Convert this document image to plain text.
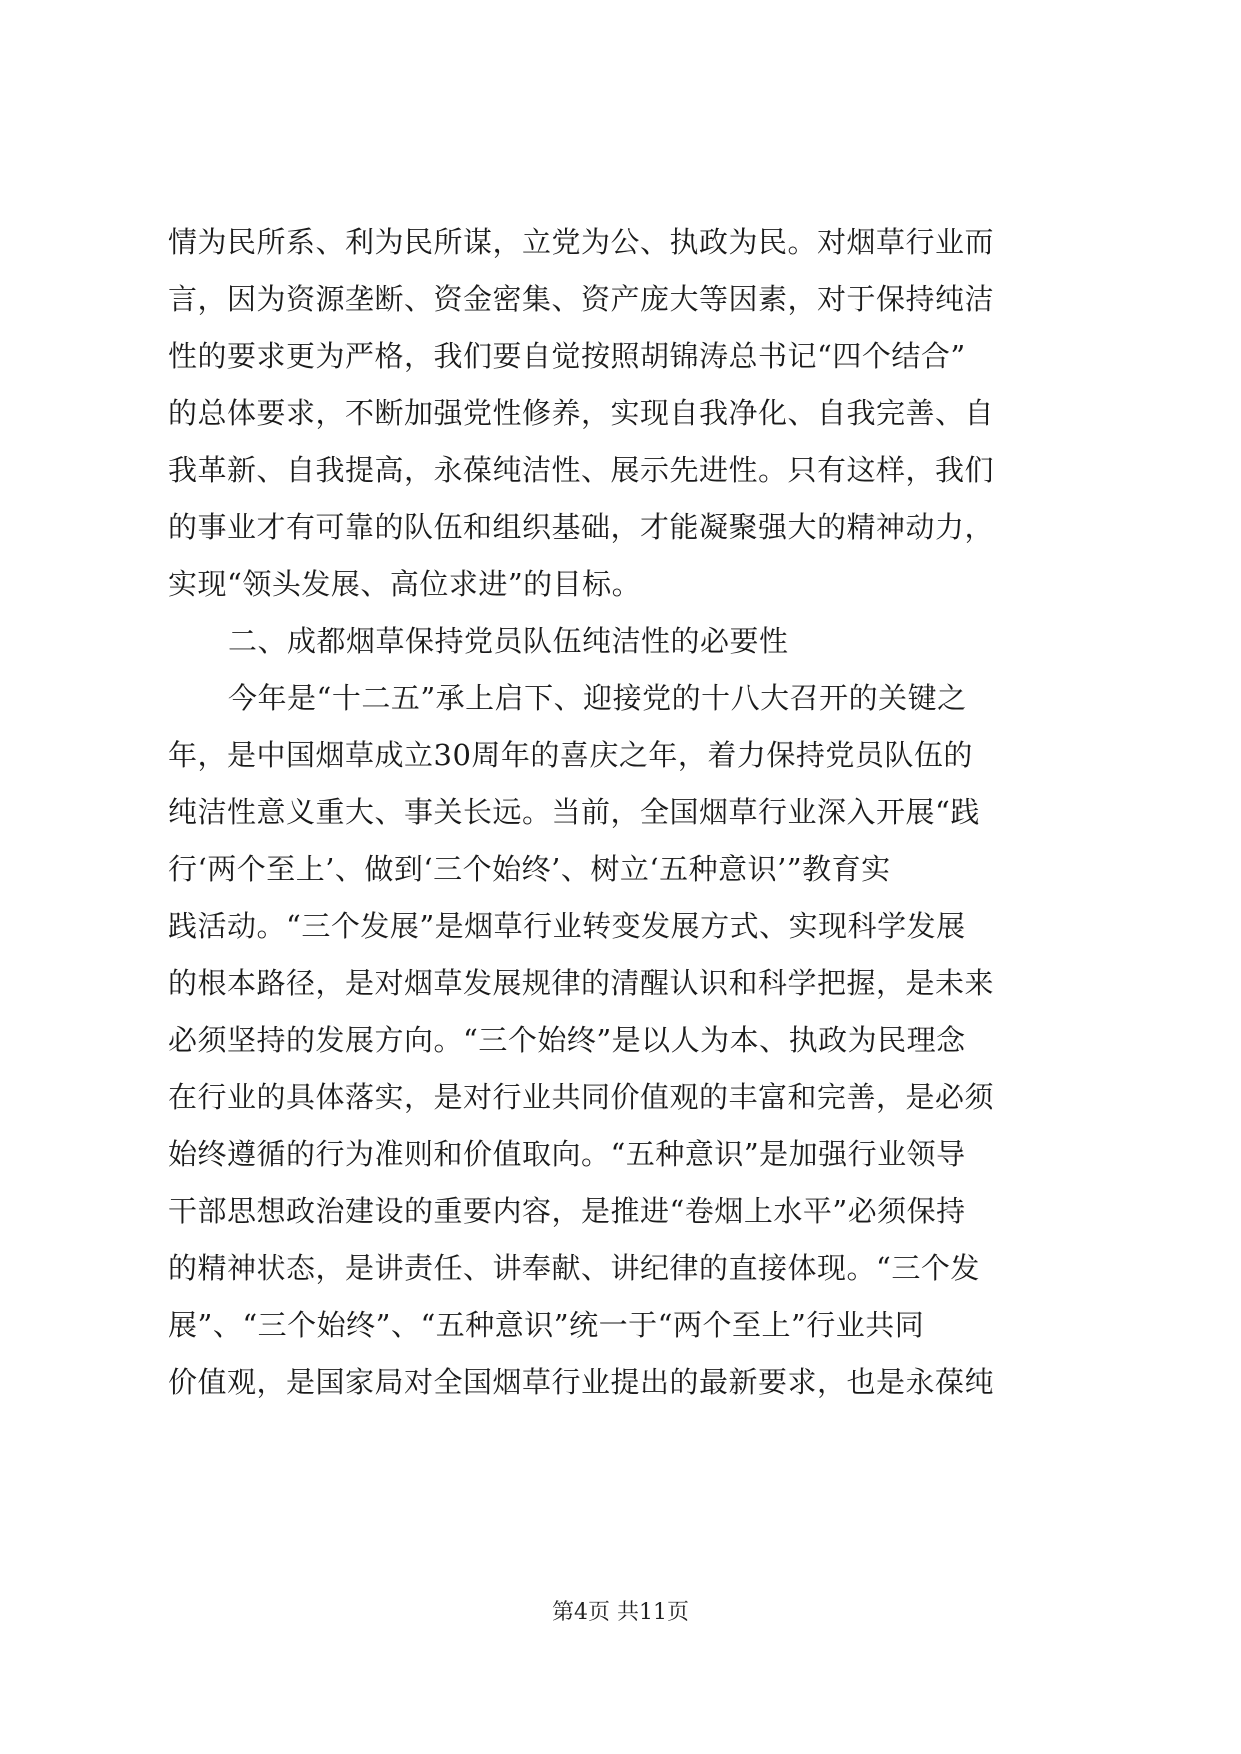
情为民所系、利为民所谋，立党为公、执政为民。对烟草行业而
言，因为资源垄断、资金密集、资产庞大等因素，对于保持纯洁
性的要求更为严格，我们要自觉按照胡锦涛总书记“四个结合”
的总体要求，不断加强党性修养，实现自我净化、自我完善、自
我革新、自我提高，永葆纯洁性、展示先进性。只有这样，我们
的事业才有可靠的队伍和组织基础，才能凝聚强大的精神动力，
实现“领头发展、高位求进”的目标。
二、成都烟草保持党员队伍纯洁性的必要性
今年是“十二五”承上启下、迎接党的十八大召开的关键之
年，是中国烟草成立30周年的喜庆之年，着力保持党员队伍的
纯洁性意义重大、事关长远。当前，全国烟草行业深入开展“践
行‘两个至上’、做到‘三个始终’、树立‘五种意识’”教育实
践活动。“三个发展”是烟草行业转变发展方式、实现科学发展
的根本路径，是对烟草发展规律的清醒认识和科学把握，是未来
必须坚持的发展方向。“三个始终”是以人为本、执政为民理念
在行业的具体落实，是对行业共同价值观的丰富和完善，是必须
始终遵循的行为准则和价值取向。“五种意识”是加强行业领导
干部思想政治建设的重要内容，是推进“卷烟上水平”必须保持
的精神状态，是讲责任、讲奉献、讲纪律的直接体现。“三个发
展”、“三个始终”、“五种意识”统一于“两个至上”行业共同
价值观，是国家局对全国烟草行业提出的最新要求，也是永葆纯
第4页 共11页
